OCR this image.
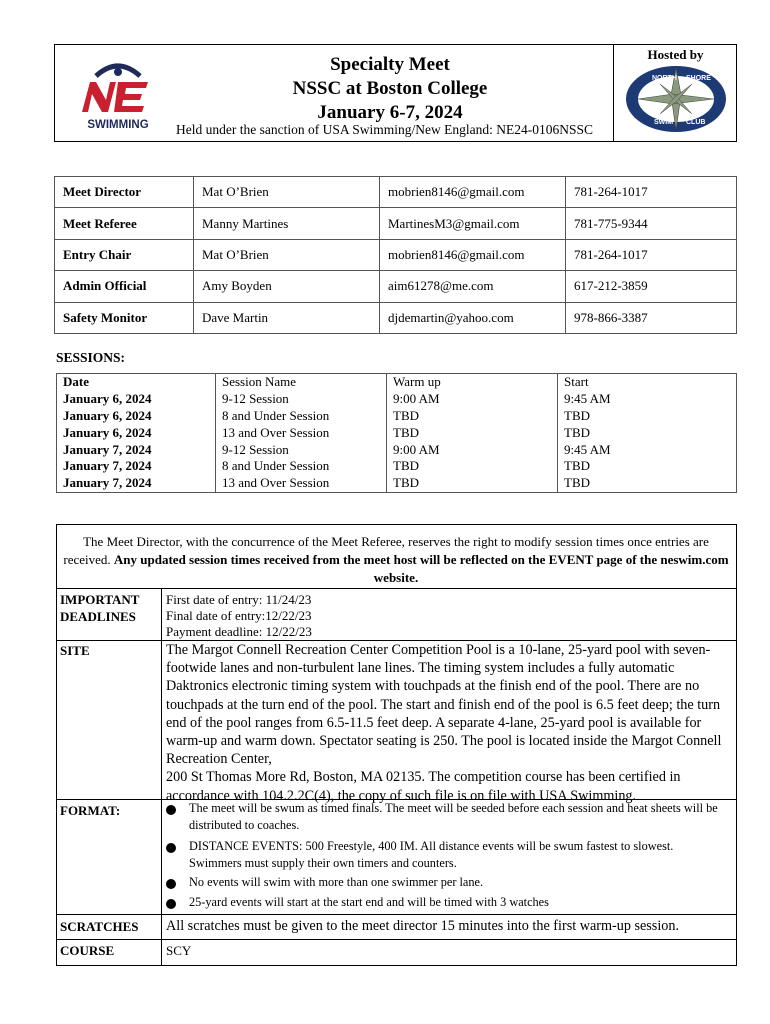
Hosted by
SWIMMING
NORTH SHORE
SWIM CLUB
Specialty Meet
NSSC at Boston College
January 6-7, 2024
Held under the sanction of USA Swimming/New England: NE24-0106NSSC
Meet Director	Mat O’Brien	mobrien8146@gmail.com	781-264-1017
Meet Referee	Manny Martines	MartinesM3@gmail.com	781-775-9344
Entry Chair	Mat O’Brien	mobrien8146@gmail.com	781-264-1017
Admin Official	Amy Boyden	aim61278@me.com	617-212-3859
Safety Monitor	Dave Martin	djdemartin@yahoo.com	978-866-3387
SESSIONS:
Date	Session Name	Warm up	Start
January 6, 2024	9-12 Session	9:00 AM	9:45 AM
January 6, 2024	8 and Under Session	TBD	TBD
January 6, 2024	13 and Over Session	TBD	TBD
January 7, 2024	9-12 Session	9:00 AM	9:45 AM
January 7, 2024	8 and Under Session	TBD	TBD
January 7, 2024	13 and Over Session	TBD	TBD
The Meet Director, with the concurrence of the Meet Referee, reserves the right to modify session times once entries are received. Any updated session times received from the meet host will be reflected on the EVENT page of the neswim.com website.
IMPORTANT DEADLINES
First date of entry: 11/24/23
Final date of entry:12/22/23
Payment deadline: 12/22/23
SITE	The Margot Connell Recreation Center Competition Pool is a 10-lane, 25-yard pool with seven-footwide lanes and non-turbulent lane lines. The timing system includes a fully automatic Daktronics electronic timing system with touchpads at the finish end of the pool. There are no touchpads at the turn end of the pool. The start and finish end of the pool is 6.5 feet deep; the turn end of the pool ranges from 6.5-11.5 feet deep. A separate 4-lane, 25-yard pool is available for warm-up and warm down. Spectator seating is 250. The pool is located inside the Margot Connell Recreation Center,
200 St Thomas More Rd, Boston, MA 02135. The competition course has been certified in accordance with 104.2.2C(4), the copy of such file is on file with USA Swimming.
FORMAT:	The meet will be swum as timed finals. The meet will be seeded before each session and heat sheets will be distributed to coaches.
DISTANCE EVENTS: 500 Freestyle, 400 IM. All distance events will be swum fastest to slowest. Swimmers must supply their own timers and counters.
No events will swim with more than one swimmer per lane.
25-yard events will start at the start end and will be timed with 3 watches
SCRATCHES All scratches must be given to the meet director 15 minutes into the first warm-up session.
COURSE	SCY
